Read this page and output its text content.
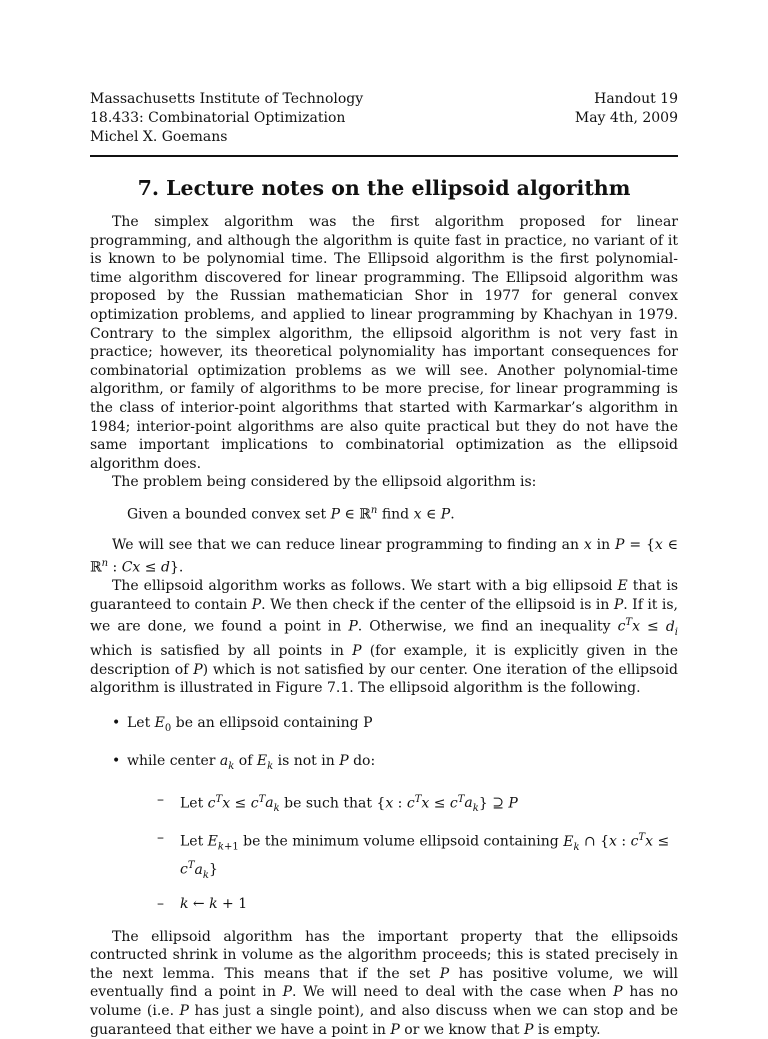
Massachusetts Institute of Technology
18.433: Combinatorial Optimization
Michel X. Goemans
Handout 19
May 4th, 2009
7. Lecture notes on the ellipsoid algorithm

The simplex algorithm was the first algorithm proposed for linear programming, and although the algorithm is quite fast in practice, no variant of it is known to be polynomial time. The Ellipsoid algorithm is the first polynomial-time algorithm discovered for linear programming. The Ellipsoid algorithm was proposed by the Russian mathematician Shor in 1977 for general convex optimization problems, and applied to linear programming by Khachyan in 1979. Contrary to the simplex algorithm, the ellipsoid algorithm is not very fast in practice; however, its theoretical polynomiality has important consequences for combinatorial optimization problems as we will see. Another polynomial-time algorithm, or family of algorithms to be more precise, for linear programming is the class of interior-point algorithms that started with Karmarkar’s algorithm in 1984; interior-point algorithms are also quite practical but they do not have the same important implications to combinatorial optimization as the ellipsoid algorithm does.

The problem being considered by the ellipsoid algorithm is:

Given a bounded convex set P ∈ ℝ$^n$ find x ∈ P.

We will see that we can reduce linear programming to finding an x in P = {x ∈ ℝ$^n$ : Cx ≤ d}.

The ellipsoid algorithm works as follows. We start with a big ellipsoid E that is guaranteed to contain P. We then check if the center of the ellipsoid is in P. If it is, we are done, we found a point in P. Otherwise, we find an inequality $c^Tx \le d_i$ which is satisfied by all points in P (for example, it is explicitly given in the description of P) which is not satisfied by our center. One iteration of the ellipsoid algorithm is illustrated in Figure 7.1. The ellipsoid algorithm is the following.

• Let $E_0$ be an ellipsoid containing P
• while center $a_k$ of $E_k$ is not in P do:
– Let $c^Tx \le c^Ta_k$ be such that {x : $c^Tx \le c^Ta_k$} ⊇ P
– Let $E_{k+1}$ be the minimum volume ellipsoid containing $E_k$ ∩ {x : $c^Tx \le c^Ta_k$}
– k ← k + 1

The ellipsoid algorithm has the important property that the ellipsoids contructed shrink in volume as the algorithm proceeds; this is stated precisely in the next lemma. This means that if the set P has positive volume, we will eventually find a point in P. We will need to deal with the case when P has no volume (i.e. P has just a single point), and also discuss when we can stop and be guaranteed that either we have a point in P or we know that P is empty.
